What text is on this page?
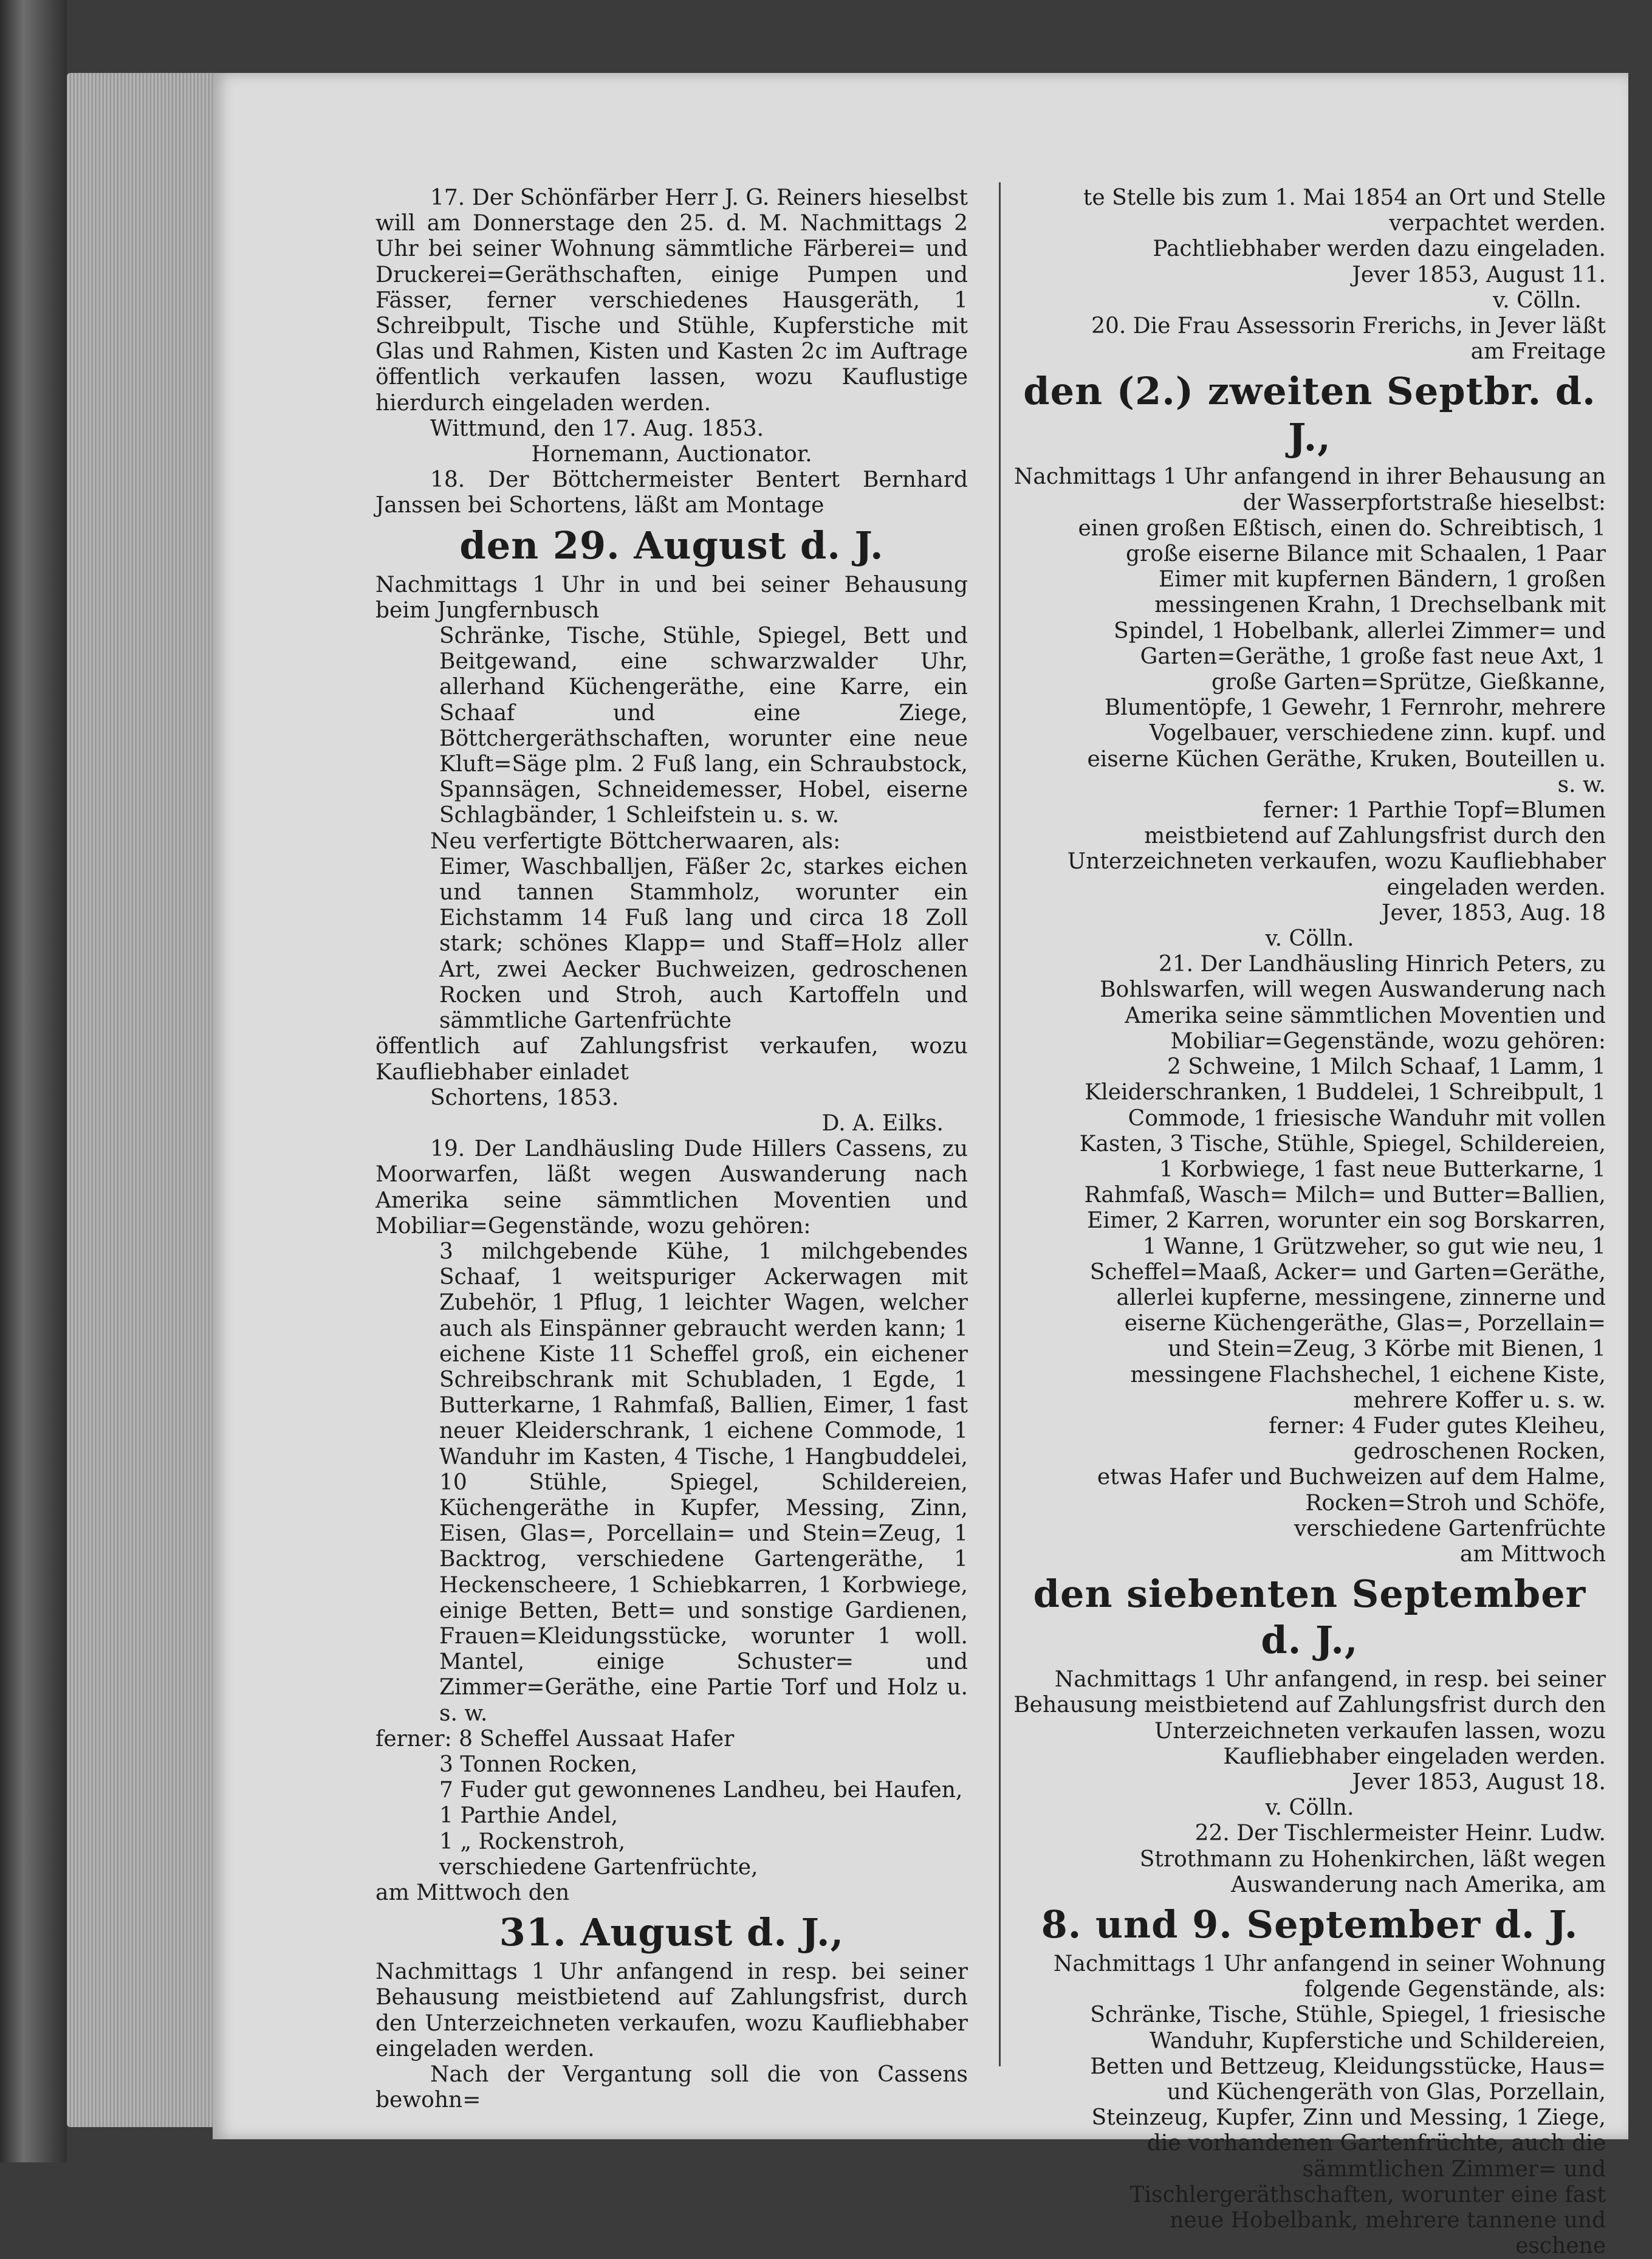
17. Der Schönfärber Herr J. G. Reiners hieselbst will am Donnerstage den 25. d. M. Nachmittags 2 Uhr bei seiner Wohnung sämmtliche Färberei= und Druckerei=Geräthschaften, einige Pumpen und Fässer, ferner verschiedenes Hausgeräth, 1 Schreibpult, Tische und Stühle, Kupferstiche mit Glas und Rahmen, Kisten und Kasten 2c im Auftrage öffentlich verkaufen lassen, wozu Kauflustige hierdurch eingeladen werden.

Wittmund, den 17. Aug. 1853.

Hornemann, Auctionator.

18. Der Böttchermeister Bentert Bernhard Janssen bei Schortens, läßt am Montage

den 29. August d. J.

Nachmittags 1 Uhr in und bei seiner Behausung beim Jungfernbusch

Schränke, Tische, Stühle, Spiegel, Bett und Beitgewand, eine schwarzwalder Uhr, allerhand Küchengeräthe, eine Karre, ein Schaaf und eine Ziege, Böttchergeräthschaften, worunter eine neue Kluft=Säge plm. 2 Fuß lang, ein Schraubstock, Spannsägen, Schneidemesser, Hobel, eiserne Schlagbänder, 1 Schleifstein u. s. w.

Neu verfertigte Böttcherwaaren, als:

Eimer, Waschballjen, Fäßer 2c, starkes eichen und tannen Stammholz, worunter ein Eichstamm 14 Fuß lang und circa 18 Zoll stark; schönes Klapp= und Staff=Holz aller Art, zwei Aecker Buchweizen, gedroschenen Rocken und Stroh, auch Kartoffeln und sämmtliche Gartenfrüchte

öffentlich auf Zahlungsfrist verkaufen, wozu Kaufliebhaber einladet

Schortens, 1853.

D. A. Eilks.

19. Der Landhäusling Dude Hillers Cassens, zu Moorwarfen, läßt wegen Auswanderung nach Amerika seine sämmtlichen Moventien und Mobiliar=Gegenstände, wozu gehören:

3 milchgebende Kühe, 1 milchgebendes Schaaf, 1 weitspuriger Ackerwagen mit Zubehör, 1 Pflug, 1 leichter Wagen, welcher auch als Einspänner gebraucht werden kann; 1 eichene Kiste 11 Scheffel groß, ein eichener Schreibschrank mit Schubladen, 1 Egde, 1 Butterkarne, 1 Rahmfaß, Ballien, Eimer, 1 fast neuer Kleiderschrank, 1 eichene Commode, 1 Wanduhr im Kasten, 4 Tische, 1 Hangbuddelei, 10 Stühle, Spiegel, Schildereien, Küchengeräthe in Kupfer, Messing, Zinn, Eisen, Glas=, Porcellain= und Stein=Zeug, 1 Backtrog, verschiedene Gartengeräthe, 1 Heckenscheere, 1 Schiebkarren, 1 Korbwiege, einige Betten, Bett= und sonstige Gardienen, Frauen=Kleidungsstücke, worunter 1 woll. Mantel, einige Schuster= und Zimmer=Geräthe, eine Partie Torf und Holz u. s. w.

ferner: 8 Scheffel Aussaat Hafer

3 Tonnen Rocken,
7 Fuder gut gewonnenes Landheu, bei Haufen,
1 Parthie Andel,
1 „ Rockenstroh,
verschiedene Gartenfrüchte,

am Mittwoch den

31. August d. J.,

Nachmittags 1 Uhr anfangend in resp. bei seiner Behausung meistbietend auf Zahlungsfrist, durch den Unterzeichneten verkaufen, wozu Kaufliebhaber eingeladen werden.

Nach der Vergantung soll die von Cassens bewohn=

te Stelle bis zum 1. Mai 1854 an Ort und Stelle verpachtet werden.

Pachtliebhaber werden dazu eingeladen.

Jever 1853, August 11.

v. Cölln.

20. Die Frau Assessorin Frerichs, in Jever läßt am Freitage

den (2.) zweiten Septbr. d. J.,

Nachmittags 1 Uhr anfangend in ihrer Behausung an der Wasserpfortstraße hieselbst:

einen großen Eßtisch, einen do. Schreibtisch, 1 große eiserne Bilance mit Schaalen, 1 Paar Eimer mit kupfernen Bändern, 1 großen messingenen Krahn, 1 Drechselbank mit Spindel, 1 Hobelbank, allerlei Zimmer= und Garten=Geräthe, 1 große fast neue Axt, 1 große Garten=Sprütze, Gießkanne, Blumentöpfe, 1 Gewehr, 1 Fernrohr, mehrere Vogelbauer, verschiedene zinn. kupf. und eiserne Küchen Geräthe, Kruken, Bouteillen u. s. w.

ferner: 1 Parthie Topf=Blumen

meistbietend auf Zahlungsfrist durch den Unterzeichneten verkaufen, wozu Kaufliebhaber eingeladen werden.

Jever, 1853, Aug. 18

v. Cölln.

21. Der Landhäusling Hinrich Peters, zu Bohlswarfen, will wegen Auswanderung nach Amerika seine sämmtlichen Moventien und Mobiliar=Gegenstände, wozu gehören:

2 Schweine, 1 Milch Schaaf, 1 Lamm, 1 Kleiderschranken, 1 Buddelei, 1 Schreibpult, 1 Commode, 1 friesische Wanduhr mit vollen Kasten, 3 Tische, Stühle, Spiegel, Schildereien, 1 Korbwiege, 1 fast neue Butterkarne, 1 Rahmfaß, Wasch= Milch= und Butter=Ballien, Eimer, 2 Karren, worunter ein sog Borskarren, 1 Wanne, 1 Grützweher, so gut wie neu, 1 Scheffel=Maaß, Acker= und Garten=Geräthe, allerlei kupferne, messingene, zinnerne und eiserne Küchengeräthe, Glas=, Porzellain= und Stein=Zeug, 3 Körbe mit Bienen, 1 messingene Flachshechel, 1 eichene Kiste, mehrere Koffer u. s. w.

ferner: 4 Fuder gutes Kleiheu,

gedroschenen Rocken,
etwas Hafer und Buchweizen auf dem Halme,
Rocken=Stroh und Schöfe,
verschiedene Gartenfrüchte

am Mittwoch

den siebenten September d. J.,

Nachmittags 1 Uhr anfangend, in resp. bei seiner Behausung meistbietend auf Zahlungsfrist durch den Unterzeichneten verkaufen lassen, wozu Kaufliebhaber eingeladen werden.

Jever 1853, August 18.

v. Cölln.

22. Der Tischlermeister Heinr. Ludw. Strothmann zu Hohenkirchen, läßt wegen Auswanderung nach Amerika, am

8. und 9. September d. J.

Nachmittags 1 Uhr anfangend in seiner Wohnung folgende Gegenstände, als:

Schränke, Tische, Stühle, Spiegel, 1 friesische Wanduhr, Kupferstiche und Schildereien, Betten und Bettzeug, Kleidungsstücke, Haus= und Küchengeräth von Glas, Porzellain, Steinzeug, Kupfer, Zinn und Messing, 1 Ziege, die vorhandenen Gartenfrüchte, auch die sämmtlichen Zimmer= und Tischlergeräthschaften, worunter eine fast neue Hobelbank, mehrere tannene und eschene
